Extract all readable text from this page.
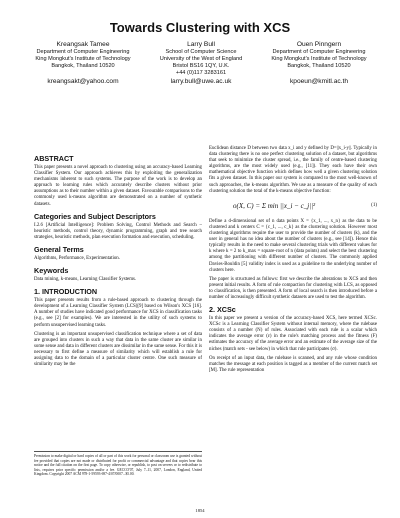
Towards Clustering with XCS
Kreangsak Tamee
Department of Computer Engineering
King Mongkut's Institute of Technology
Bangkok, Thailand 10520
kreangsakt@yahoo.com
Larry Bull
School of Computer Science
University of the West of England
Bristol BS16 1QY, U.K.
+44 (0)117 3283161
larry.bull@uwe.ac.uk
Ouen Pinngern
Department of Computer Engineering
King Mongkut's Institute of Technology
Bangkok, Thailand 10520
kpoeun@kmitl.ac.th
ABSTRACT

This paper presents a novel approach to clustering using an accuracy-based Learning Classifier System. Our approach achieves this by exploiting the generalization mechanisms inherent to such systems. The purpose of the work is to develop an approach to learning rules which accurately describe clusters without prior assumptions as to their number within a given dataset. Favourable comparisons to the commonly used k-means algorithm are demonstrated on a number of synthetic datasets.

Categories and Subject Descriptors

I.2.6 [Artificial Intelligence]: Problem Solving, Control Methods and Search – heuristic methods, control theory, dynamic programming, graph and tree search strategies, heuristic methods, plan execution formation and execution, scheduling.

General Terms

Algorithms, Performance, Experimentation.

Keywords

Data mining, k-means, Learning Classifier Systems.

1. INTRODUCTION

This paper presents results from a rule-based approach to clustering through the development of a Learning Classifier System (LCS)[9] based on Wilson's XCS [16]. A number of studies have indicated good performance for XCS in classification tasks (e.g., see [2] for examples). We are interested in the utility of such systems to perform unsupervised learning tasks.

Clustering is an important unsupervised classification technique where a set of data are grouped into clusters in such a way that data in the same cluster are similar in some sense and data in different clusters are dissimilar in the same sense. For this it is necessary to first define a measure of similarity which will establish a rule for assigning data to the domain of a particular cluster centre. One such measure of similarity may be the

Permission to make digital or hard copies of all or part of this work for personal or classroom use is granted without fee provided that copies are not made or distributed for profit or commercial advantage and that copies bear this notice and the full citation on the first page. To copy otherwise, or republish, to post on servers or to redistribute to lists, requires prior specific permission and/or a fee. GECCO'07, July 7–11, 2007, London, England, United Kingdom. Copyright 2007 ACM 978-1-59593-697-4/07/0007...$5.00.

Euclidean distance D between two data x_i and y defined by D=||x_i-y||. Typically in data clustering there is no one perfect clustering solution of a dataset, but algorithms that seek to minimize the cluster spread, i.e., the family of centre-based clustering algorithms, are the most widely used (e.g., [11]). They each have their own mathematical objective function which defines how well a given clustering solution fits a given dataset. In this paper our system is compared to the most well-known of such approaches, the k-means algorithm. We use as a measure of the quality of each clustering solution the total of the k-means objective function:

o(X, C) = Σ min ||x_i − c_j||²	(1)

Define a d-dimensional set of n data points X = {x_1, ..., x_n} as the data to be clustered and k centers C = {c_1, ..., c_k} as the clustering solution. However most clustering algorithms require the user to provide the number of clusters (k), and the user in general has no idea about the number of clusters (e.g., see [14]). Hence this typically results in the need to make several clustering trials with different values for k where k = 2 to k_max = square-root of n (data points) and select the best clustering among the partitioning with different number of clusters. The commonly applied Davies-Bouldin [5] validity index is used as a guideline to the underlying number of clusters here.

The paper is structured as follows: first we describe the alterations to XCS and then present initial results. A form of rule compaction for clustering with LCS, as opposed to classification, is then presented. A form of local search is then introduced before a number of increasingly difficult synthetic datasets are used to test the algorithm.

2. XCSc

In this paper we present a version of the accuracy-based XCS, here termed XCSc. XCSc is a Learning Classifier System without internal memory, where the rulebase consists of a number (N) of rules. Associated with each rule is a scalar which indicates the average error (ε) in the rule's matching process and the fitness (F) estimates the accuracy of the average error and an estimate of the average size of the niches (match sets - see below) in which that rule participates (σ).

On receipt of an input data, the rulebase is scanned, and any rule whose condition matches the message at each position is tagged as a member of the current match set [M]. The rule representation

1854
